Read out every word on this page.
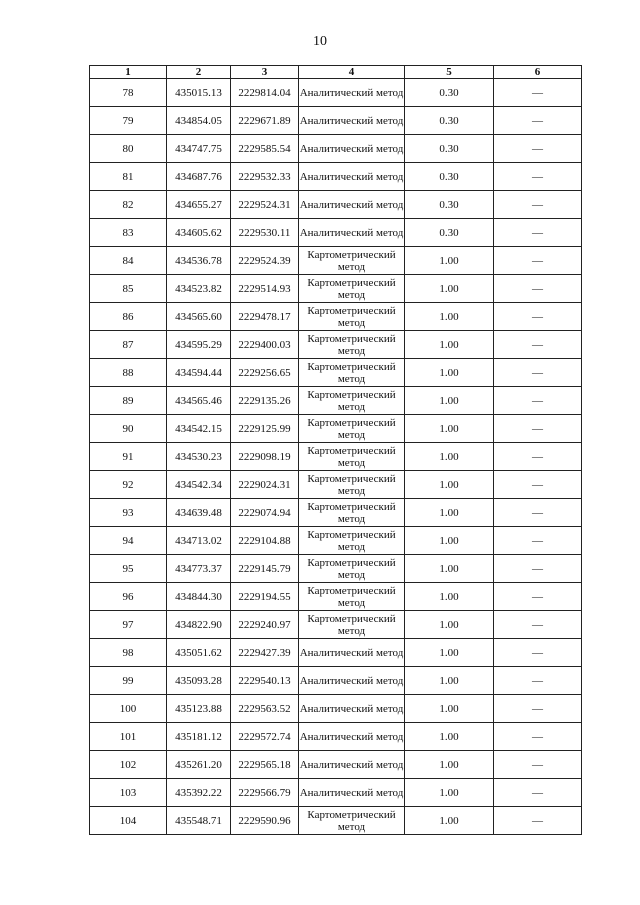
10
1	2	3	4	5	6
78	435015.13	2229814.04	Аналитический метод	0.30	—
79	434854.05	2229671.89	Аналитический метод	0.30	—
80	434747.75	2229585.54	Аналитический метод	0.30	—
81	434687.76	2229532.33	Аналитический метод	0.30	—
82	434655.27	2229524.31	Аналитический метод	0.30	—
83	434605.62	2229530.11	Аналитический метод	0.30	—
84	434536.78	2229524.39	Картометрический метод	1.00	—
85	434523.82	2229514.93	Картометрический метод	1.00	—
86	434565.60	2229478.17	Картометрический метод	1.00	—
87	434595.29	2229400.03	Картометрический метод	1.00	—
88	434594.44	2229256.65	Картометрический метод	1.00	—
89	434565.46	2229135.26	Картометрический метод	1.00	—
90	434542.15	2229125.99	Картометрический метод	1.00	—
91	434530.23	2229098.19	Картометрический метод	1.00	—
92	434542.34	2229024.31	Картометрический метод	1.00	—
93	434639.48	2229074.94	Картометрический метод	1.00	—
94	434713.02	2229104.88	Картометрический метод	1.00	—
95	434773.37	2229145.79	Картометрический метод	1.00	—
96	434844.30	2229194.55	Картометрический метод	1.00	—
97	434822.90	2229240.97	Картометрический метод	1.00	—
98	435051.62	2229427.39	Аналитический метод	1.00	—
99	435093.28	2229540.13	Аналитический метод	1.00	—
100	435123.88	2229563.52	Аналитический метод	1.00	—
101	435181.12	2229572.74	Аналитический метод	1.00	—
102	435261.20	2229565.18	Аналитический метод	1.00	—
103	435392.22	2229566.79	Аналитический метод	1.00	—
104	435548.71	2229590.96	Картометрический метод	1.00	—
